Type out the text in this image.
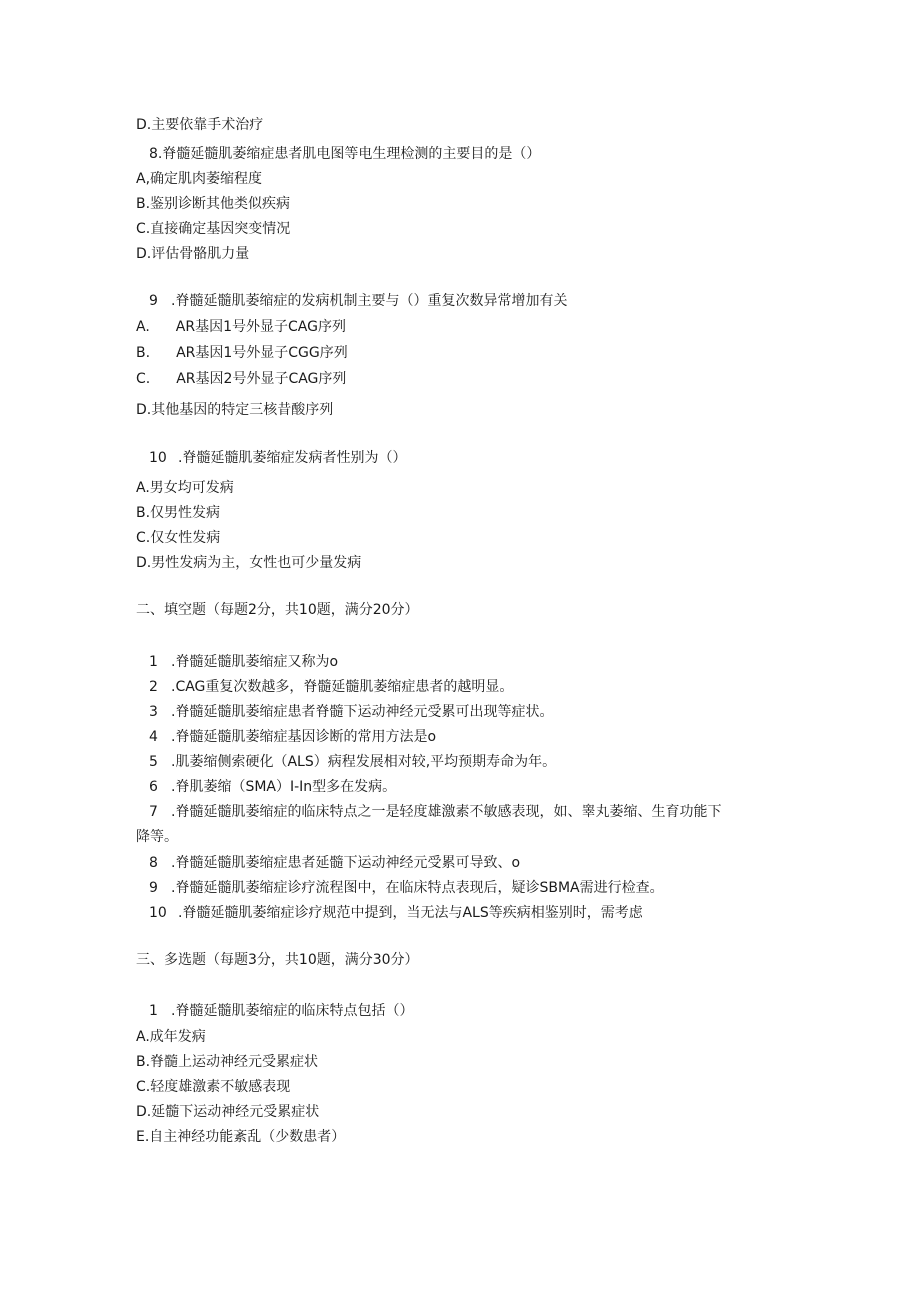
D.主要依靠手术治疗
8.脊髓延髓肌萎缩症患者肌电图等电生理检测的主要目的是（）
A,确定肌肉萎缩程度
B.鉴别诊断其他类似疾病
C.直接确定基因突变情况
D.评估骨骼肌力量
9 .脊髓延髓肌萎缩症的发病机制主要与（）重复次数异常增加有关
A. AR基因1号外显子CAG序列
B. AR基因1号外显子CGG序列
C. AR基因2号外显子CAG序列
D.其他基因的特定三核昔酸序列
10 .脊髓延髓肌萎缩症发病者性别为（）
A.男女均可发病
B.仅男性发病
C.仅女性发病
D.男性发病为主，女性也可少量发病
二、填空题（每题2分，共10题，满分20分）
1 .脊髓延髓肌萎缩症又称为o
2 .CAG重复次数越多，脊髓延髓肌萎缩症患者的越明显。
3 .脊髓延髓肌萎缩症患者脊髓下运动神经元受累可出现等症状。
4 .脊髓延髓肌萎缩症基因诊断的常用方法是o
5 .肌萎缩侧索硬化（ALS）病程发展相对较,平均预期寿命为年。
6 .脊肌萎缩（SMA）I-In型多在发病。
7 .脊髓延髓肌萎缩症的临床特点之一是轻度雄激素不敏感表现，如、睾丸萎缩、生育功能下
降等。
8 .脊髓延髓肌萎缩症患者延髓下运动神经元受累可导致、o
9 .脊髓延髓肌萎缩症诊疗流程图中，在临床特点表现后，疑诊SBMA需进行检查。
10 .脊髓延髓肌萎缩症诊疗规范中提到，当无法与ALS等疾病相鉴别时，需考虑
三、多选题（每题3分，共10题，满分30分）
1 .脊髓延髓肌萎缩症的临床特点包括（）
A.成年发病
B.脊髓上运动神经元受累症状
C.轻度雄激素不敏感表现
D.延髓下运动神经元受累症状
E.自主神经功能紊乱（少数患者）
